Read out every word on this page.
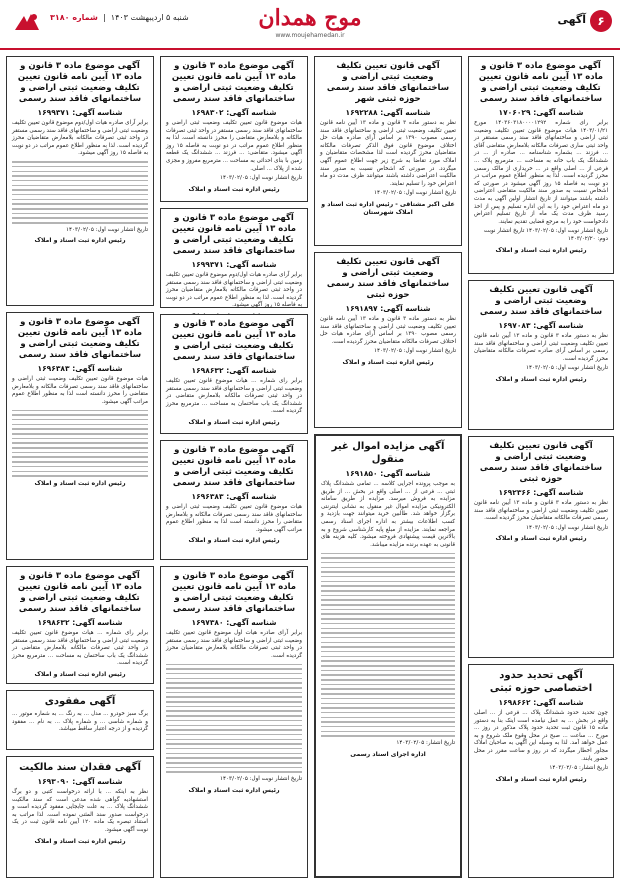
۶
آگهی
موج همدان
www.moujehamedan.ir
شنبه ۵ اردیبهشت ۱۴۰۳  |  شماره ۳۱۸۰
آگهی موضوع ماده ۳ قانون و ماده ۱۳ آیین نامه قانون تعیین تکلیف وضعیت ثبتی اراضی و ساختمانهای فاقد سند رسمی
شناسه آگهی: ۱۷۰۶۰۲۹

برابر رای شماره ۱۴۰۳۶۰۳۱۸۰۰۰۰۱۲۹۲ مورخ ۱۴۰۳/۰۱/۲۱ هیات موضوع قانون تعیین تکلیف وضعیت ثبتی اراضی و ساختمانهای فاقد سند رسمی مستقر در واحد ثبتی ساری تصرفات مالکانه بلامعارض متقاضی آقای ... فرزند ... بشماره شناسنامه ... صادره از ... در ششدانگ یک باب خانه به مساحت ... مترمربع پلاک ... فرعی از ... اصلی واقع در ... خریداری از مالک رسمی محرز گردیده است. لذا به منظور اطلاع عموم مراتب در دو نوبت به فاصله ۱۵ روز آگهی میشود در صورتی که اشخاص نسبت به صدور سند مالکیت متقاضی اعتراضی داشته باشند میتوانند از تاریخ انتشار اولین آگهی به مدت دو ماه اعتراض خود را به این اداره تسلیم و پس از اخذ رسید ظرف مدت یک ماه از تاریخ تسلیم اعتراض دادخواست خود را به مرجع قضایی تقدیم نمایند.

تاریخ انتشار نوبت اول: ۱۴۰۳/۰۲/۰۵ تاریخ انتشار نوبت دوم: ۱۴۰۳/۰۲/۲۰
رئیس اداره ثبت اسناد و املاک
آگهی قانون تعیین تکلیف وضعیت ثبتی اراضی و ساختمانهای فاقد سند رسمی
شناسه آگهی: ۱۶۹۷۰۸۳

نظر به دستور ماده ۳ قانون و ماده ۱۳ آیین نامه قانون تعیین تکلیف وضعیت ثبتی اراضی و ساختمانهای فاقد سند رسمی بر اساس آرای صادره تصرفات مالکانه متقاضیان محرز گردیده است.

تاریخ انتشار نوبت اول: ۱۴۰۳/۰۲/۰۵
رئیس اداره ثبت اسناد و املاک
آگهی قانون تعیین تکلیف وضعیت ثبتی اراضی و ساختمانهای فاقد سند رسمی حوزه ثبتی
شناسه آگهی: ۱۶۹۲۳۶۶

نظر به دستور ماده ۳ قانون و ماده ۱۳ آیین نامه قانون تعیین تکلیف وضعیت ثبتی اراضی و ساختمانهای فاقد سند رسمی تصرفات مالکانه متقاضیان محرز گردیده است.

تاریخ انتشار نوبت اول: ۱۴۰۳/۰۲/۰۵
رئیس اداره ثبت اسناد و املاک
آگهی تحدید حدود اختصاصی حوزه ثبتی
شناسه آگهی: ۱۶۹۸۶۶۲

چون تحدید حدود ششدانگ پلاک ... فرعی از ... اصلی واقع در بخش ... به عمل نیامده است اینک بنا به دستور ماده ۱۵ قانون ثبت تحدید حدود پلاک مذکور در روز ... مورخ ... ساعت ... صبح در محل وقوع ملک شروع و به عمل خواهد آمد. لذا به وسیله این آگهی به صاحبان املاک مجاور اخطار میگردد که در روز و ساعت مقرر در محل حضور یابند.

تاریخ انتشار: ۱۴۰۳/۰۲/۰۵
رئیس اداره ثبت اسناد و املاک
آگهی قانون تعیین تکلیف وضعیت ثبتی اراضی و ساختمانهای فاقد سند رسمی حوزه ثبتی شهر
شناسه آگهی: ۱۶۹۲۲۸۸

نظر به دستور ماده ۳ قانون و ماده ۱۳ آیین نامه قانون تعیین تکلیف وضعیت ثبتی اراضی و ساختمانهای فاقد سند رسمی مصوب ۱۳۹۰ بر اساس آرای صادره هیات حل اختلاف موضوع قانون فوق الذکر تصرفات مالکانه متقاضیان محرز گردیده است لذا مشخصات متقاضیان و املاک مورد تقاضا به شرح زیر جهت اطلاع عموم آگهی میگردد. در صورتی که اشخاص نسبت به صدور سند مالکیت اعتراضی داشته باشند میتوانند ظرف مدت دو ماه اعتراض خود را تسلیم نمایند.

تاریخ انتشار نوبت اول: ۱۴۰۳/۰۲/۰۵
علی اکبر مشتاقی - رئیس اداره ثبت اسناد و املاک شهرستان
آگهی قانون تعیین تکلیف وضعیت ثبتی اراضی و ساختمانهای فاقد سند رسمی حوزه ثبتی
شناسه آگهی: ۱۶۹۱۸۹۷

نظر به دستور ماده ۳ قانون و ماده ۱۳ آیین نامه قانون تعیین تکلیف وضعیت ثبتی اراضی و ساختمانهای فاقد سند رسمی مصوب ۱۳۹۰ بر اساس آرای صادره هیات حل اختلاف تصرفات مالکانه متقاضیان محرز گردیده است.

تاریخ انتشار نوبت اول: ۱۴۰۳/۰۲/۰۵
رئیس اداره ثبت اسناد و املاک
آگهی مزایده اموال غیر منقول
شناسه آگهی: ۱۶۹۱۸۵۰

به موجب پرونده اجرایی کلاسه ... تمامی ششدانگ پلاک ثبتی ... فرعی از ... اصلی واقع در بخش ... از طریق مزایده به فروش میرسد. مزایده از طریق سامانه الکترونیکی مزایده اموال غیر منقول به نشانی اینترنتی برگزار خواهد شد. طالبین خرید میتوانند جهت بازدید و کسب اطلاعات بیشتر به اداره اجرای اسناد رسمی مراجعه نمایند. مزایده از مبلغ پایه کارشناسی شروع و به بالاترین قیمت پیشنهادی فروخته میشود. کلیه هزینه های قانونی به عهده برنده مزایده میباشد.

تاریخ انتشار: ۱۴۰۳/۰۲/۰۵
اداره اجرای اسناد رسمی
آگهی موضوع ماده ۳ قانون و ماده ۱۳ آیین نامه قانون تعیین تکلیف وضعیت ثبتی اراضی و ساختمانهای فاقد سند رسمی
شناسه آگهی: ۱۶۹۸۳۰۲

هیات موضوع قانون تعیین تکلیف وضعیت ثبتی اراضی و ساختمانهای فاقد سند رسمی مستقر در واحد ثبتی تصرفات مالکانه و بلامعارض متقاضی را محرز دانسته است. لذا به منظور اطلاع عموم مراتب در دو نوبت به فاصله ۱۵ روز آگهی میشود. متقاضی: ... فرزند ... ششدانگ یک قطعه زمین با بنای احداثی به مساحت ... مترمربع مفروز و مجزی شده از پلاک ... اصلی.

تاریخ انتشار نوبت اول: ۱۴۰۳/۰۲/۰۵
رئیس اداره ثبت اسناد و املاک
آگهی موضوع ماده ۳ قانون و ماده ۱۳ آیین نامه قانون تعیین تکلیف وضعیت ثبتی اراضی و ساختمانهای فاقد سند رسمی
شناسه آگهی: ۱۶۹۹۳۷۱

برابر آرای صادره هیات اول/دوم موضوع قانون تعیین تکلیف وضعیت ثبتی اراضی و ساختمانهای فاقد سند رسمی مستقر در واحد ثبتی تصرفات مالکانه بلامعارض متقاضیان محرز گردیده است. لذا به منظور اطلاع عموم مراتب در دو نوبت به فاصله ۱۵ روز آگهی میشود.

آگهی موضوع ماده ۳ قانون و ماده ۱۳ آیین نامه قانون تعیین تکلیف وضعیت ثبتی اراضی و ساختمانهای فاقد سند رسمی
شناسه آگهی: ۱۶۹۸۶۳۲

برابر رای شماره ... هیات موضوع قانون تعیین تکلیف وضعیت ثبتی اراضی و ساختمانهای فاقد سند رسمی مستقر در واحد ثبتی تصرفات مالکانه بلامعارض متقاضی در ششدانگ یک باب ساختمان به مساحت ... مترمربع محرز گردیده است.

رئیس اداره ثبت اسناد و املاک
آگهی موضوع ماده ۳ قانون و ماده ۱۳ آیین نامه قانون تعیین تکلیف وضعیت ثبتی اراضی و ساختمانهای فاقد سند رسمی
شناسه آگهی: ۱۶۹۶۳۸۳

هیات موضوع قانون تعیین تکلیف وضعیت ثبتی اراضی و ساختمانهای فاقد سند رسمی تصرفات مالکانه و بلامعارض متقاضی را محرز دانسته است لذا به منظور اطلاع عموم مراتب آگهی میشود.

رئیس اداره ثبت اسناد و املاک
آگهی موضوع ماده ۳ قانون و ماده ۱۳ آیین نامه قانون تعیین تکلیف وضعیت ثبتی اراضی و ساختمانهای فاقد سند رسمی
شناسه آگهی: ۱۶۹۷۳۸۰

برابر آرای صادره هیات اول موضوع قانون تعیین تکلیف وضعیت ثبتی اراضی و ساختمانهای فاقد سند رسمی مستقر در واحد ثبتی تصرفات مالکانه بلامعارض متقاضیان محرز گردیده است.

تاریخ انتشار نوبت اول: ۱۴۰۳/۰۲/۰۵
رئیس اداره ثبت اسناد و املاک
آگهی موضوع ماده ۳ قانون و ماده ۱۳ آیین نامه قانون تعیین تکلیف وضعیت ثبتی اراضی و ساختمانهای فاقد سند رسمی
شناسه آگهی: ۱۶۹۹۳۷۱

برابر آرای صادره هیات اول/دوم موضوع قانون تعیین تکلیف وضعیت ثبتی اراضی و ساختمانهای فاقد سند رسمی مستقر در واحد ثبتی تصرفات مالکانه بلامعارض متقاضیان محرز گردیده است. لذا به منظور اطلاع عموم مراتب در دو نوبت به فاصله ۱۵ روز آگهی میشود.

تاریخ انتشار نوبت اول: ۱۴۰۳/۰۲/۰۵
رئیس اداره ثبت اسناد و املاک
آگهی موضوع ماده ۳ قانون و ماده ۱۳ آیین نامه قانون تعیین تکلیف وضعیت ثبتی اراضی و ساختمانهای فاقد سند رسمی
شناسه آگهی: ۱۶۹۶۳۸۳

هیات موضوع قانون تعیین تکلیف وضعیت ثبتی اراضی و ساختمانهای فاقد سند رسمی تصرفات مالکانه و بلامعارض متقاضی را محرز دانسته است لذا به منظور اطلاع عموم مراتب آگهی میشود.

رئیس اداره ثبت اسناد و املاک
آگهی موضوع ماده ۳ قانون و ماده ۱۳ آیین نامه قانون تعیین تکلیف وضعیت ثبتی اراضی و ساختمانهای فاقد سند رسمی
شناسه آگهی: ۱۶۹۸۶۳۲

برابر رای شماره ... هیات موضوع قانون تعیین تکلیف وضعیت ثبتی اراضی و ساختمانهای فاقد سند رسمی مستقر در واحد ثبتی تصرفات مالکانه بلامعارض متقاضی در ششدانگ یک باب ساختمان به مساحت ... مترمربع محرز گردیده است.

رئیس اداره ثبت اسناد و املاک
آگهی مفقودی

برگ سبز خودرو ... مدل ... به رنگ ... به شماره موتور ... و شماره شاسی ... و شماره پلاک ... به نام ... مفقود گردیده و از درجه اعتبار ساقط میباشد.

آگهی فقدان سند مالکیت
شناسه آگهی: ۱۶۹۳۰۹۰

نظر به اینکه ... با ارائه درخواست کتبی و دو برگ استشهادیه گواهی شده مدعی است که سند مالکیت ششدانگ پلاک ... به علت جابجایی مفقود گردیده است و درخواست صدور سند المثنی نموده است. لذا مراتب به استناد تبصره یک ماده ۱۲۰ آیین نامه قانون ثبت در یک نوبت آگهی میشود.

رئیس اداره ثبت اسناد و املاک
